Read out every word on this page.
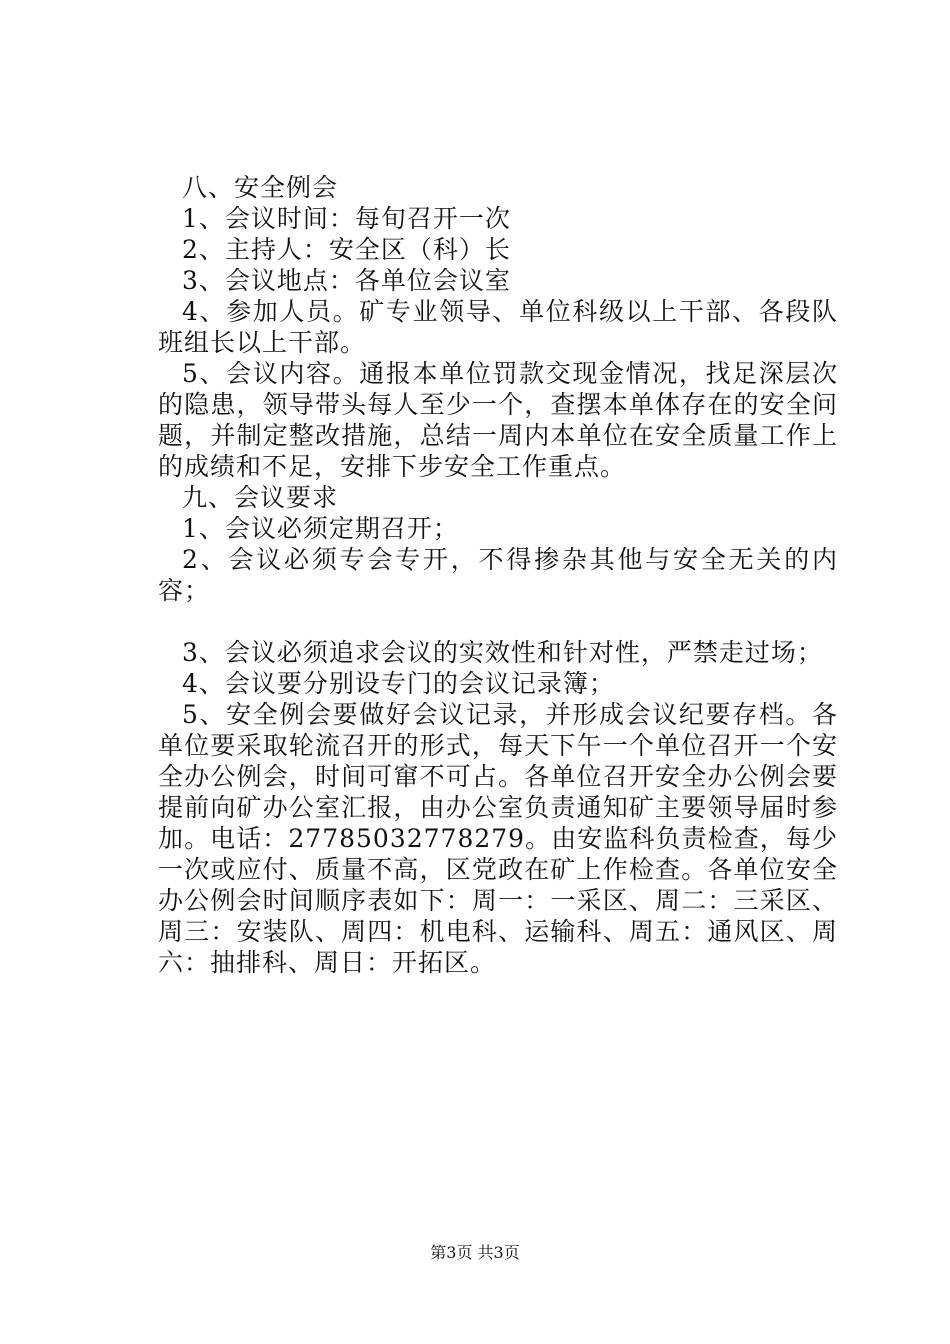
八、安全例会

1、会议时间：每旬召开一次

2、主持人：安全区（科）长

3、会议地点：各单位会议室

4、参加人员。矿专业领导、单位科级以上干部、各段队班组长以上干部。

5、会议内容。通报本单位罚款交现金情况，找足深层次的隐患，领导带头每人至少一个，查摆本单体存在的安全问题，并制定整改措施，总结一周内本单位在安全质量工作上的成绩和不足，安排下步安全工作重点。

九、会议要求

1、会议必须定期召开；

2、会议必须专会专开，不得掺杂其他与安全无关的内容；

3、会议必须追求会议的实效性和针对性，严禁走过场；

4、会议要分别设专门的会议记录簿；

5、安全例会要做好会议记录，并形成会议纪要存档。各单位要采取轮流召开的形式，每天下午一个单位召开一个安全办公例会，时间可窜不可占。各单位召开安全办公例会要提前向矿办公室汇报，由办公室负责通知矿主要领导届时参加。电话：27785032778279。由安监科负责检查，每少一次或应付、质量不高，区党政在矿上作检查。各单位安全办公例会时间顺序表如下：周一：一采区、周二：三采区、周三：安装队、周四：机电科、运输科、周五：通风区、周六：抽排科、周日：开拓区。

第3页 共3页
